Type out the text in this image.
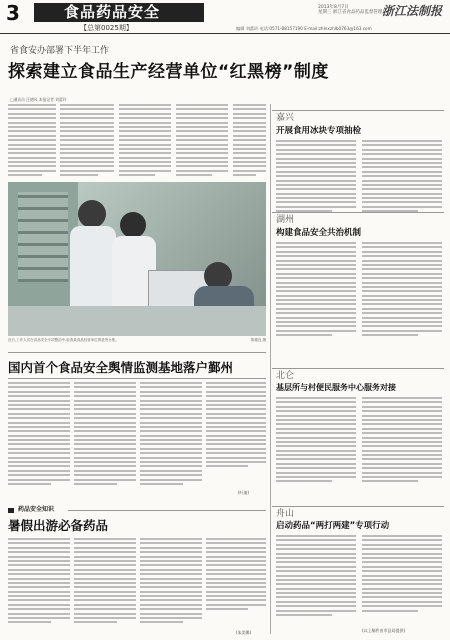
3	食品药品安全
【总第0025期】
2013年8月7日
星期三 浙江省食品药品监督管理局
浙江法制报
编辑 刘蕾玲 电话:0571-88157190 E-mail:zhlnxzhlb0763@163.com
省食安办部署下半年工作
探索建立食品生产经营单位“红黑榜”制度
□通讯员 汪德凤 本报记者 刘蕾玲
近日,工作人员在食品安全专项整治中,检查某食品经营单位的进货台账。	陈德良 摄
国内首个食品安全舆情监测基地落户鄞州
(叶迪)
药品安全知识
暑假出游必备药品
(朱美娜)
嘉兴
开展食用冰块专项抽检
湖州
构建食品安全共治机制
北仑
基层所与村便民服务中心服务对接
舟山
启动药品“两打两建”专项行动
(以上稿件由市县局提供)
